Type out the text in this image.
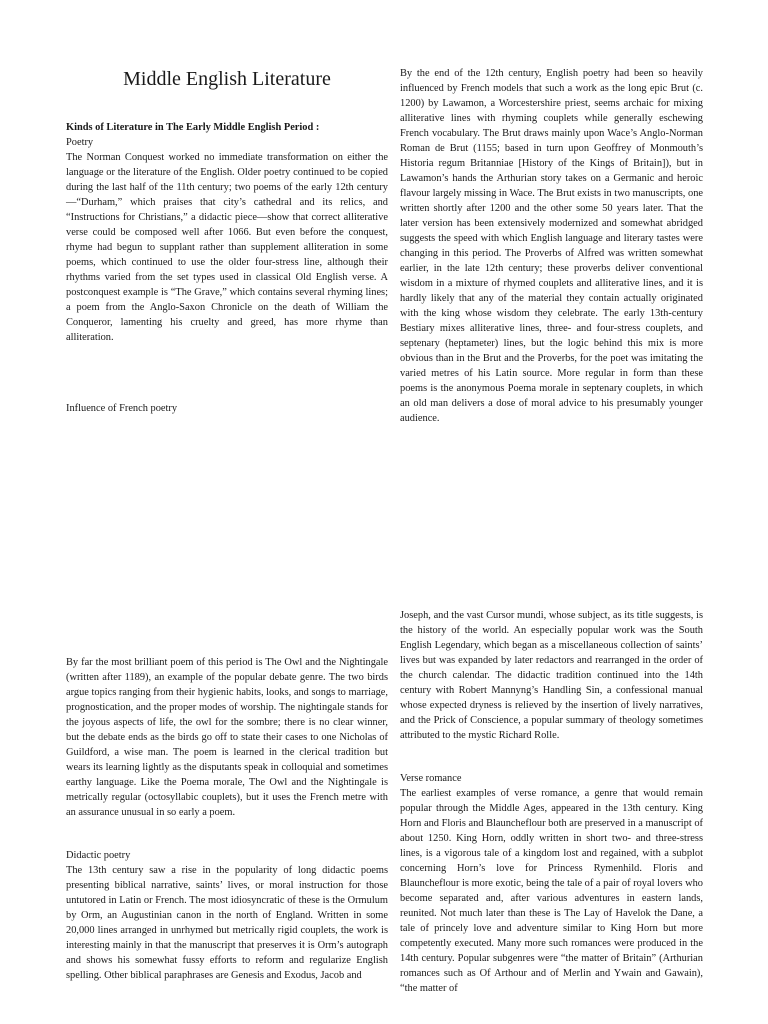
Middle English Literature

Kinds of Literature in The Early Middle English Period :

Poetry

The Norman Conquest worked no immediate transformation on either the language or the literature of the English. Older poetry continued to be copied during the last half of the 11th century; two poems of the early 12th century—“Durham,” which praises that city’s cathedral and its relics, and “Instructions for Christians,” a didactic piece—show that correct alliterative verse could be composed well after 1066. But even before the conquest, rhyme had begun to supplant rather than supplement alliteration in some poems, which continued to use the older four-stress line, although their rhythms varied from the set types used in classical Old English verse. A postconquest example is “The Grave,” which contains several rhyming lines; a poem from the Anglo-Saxon Chronicle on the death of William the Conqueror, lamenting his cruelty and greed, has more rhyme than alliteration.

Influence of French poetry

By the end of the 12th century, English poetry had been so heavily influenced by French models that such a work as the long epic Brut (c. 1200) by Lawamon, a Worcestershire priest, seems archaic for mixing alliterative lines with rhyming couplets while generally eschewing French vocabulary. The Brut draws mainly upon Wace’s Anglo-Norman Roman de Brut (1155; based in turn upon Geoffrey of Monmouth’s Historia regum Britanniae [History of the Kings of Britain]), but in Lawamon’s hands the Arthurian story takes on a Germanic and heroic flavour largely missing in Wace. The Brut exists in two manuscripts, one written shortly after 1200 and the other some 50 years later. That the later version has been extensively modernized and somewhat abridged suggests the speed with which English language and literary tastes were changing in this period. The Proverbs of Alfred was written somewhat earlier, in the late 12th century; these proverbs deliver conventional wisdom in a mixture of rhymed couplets and alliterative lines, and it is hardly likely that any of the material they contain actually originated with the king whose wisdom they celebrate. The early 13th-century Bestiary mixes alliterative lines, three- and four-stress couplets, and septenary (heptameter) lines, but the logic behind this mix is more obvious than in the Brut and the Proverbs, for the poet was imitating the varied metres of his Latin source. More regular in form than these poems is the anonymous Poema morale in septenary couplets, in which an old man delivers a dose of moral advice to his presumably younger audience.

By far the most brilliant poem of this period is The Owl and the Nightingale (written after 1189), an example of the popular debate genre. The two birds argue topics ranging from their hygienic habits, looks, and songs to marriage, prognostication, and the proper modes of worship. The nightingale stands for the joyous aspects of life, the owl for the sombre; there is no clear winner, but the debate ends as the birds go off to state their cases to one Nicholas of Guildford, a wise man. The poem is learned in the clerical tradition but wears its learning lightly as the disputants speak in colloquial and sometimes earthy language. Like the Poema morale, The Owl and the Nightingale is metrically regular (octosyllabic couplets), but it uses the French metre with an assurance unusual in so early a poem.

Didactic poetry

The 13th century saw a rise in the popularity of long didactic poems presenting biblical narrative, saints’ lives, or moral instruction for those untutored in Latin or French. The most idiosyncratic of these is the Ormulum by Orm, an Augustinian canon in the north of England. Written in some 20,000 lines arranged in unrhymed but metrically rigid couplets, the work is interesting mainly in that the manuscript that preserves it is Orm’s autograph and shows his somewhat fussy efforts to reform and regularize English spelling. Other biblical paraphrases are Genesis and Exodus, Jacob and

Joseph, and the vast Cursor mundi, whose subject, as its title suggests, is the history of the world. An especially popular work was the South English Legendary, which began as a miscellaneous collection of saints’ lives but was expanded by later redactors and rearranged in the order of the church calendar. The didactic tradition continued into the 14th century with Robert Mannyng’s Handling Sin, a confessional manual whose expected dryness is relieved by the insertion of lively narratives, and the Prick of Conscience, a popular summary of theology sometimes attributed to the mystic Richard Rolle.

Verse romance

The earliest examples of verse romance, a genre that would remain popular through the Middle Ages, appeared in the 13th century. King Horn and Floris and Blauncheflour both are preserved in a manuscript of about 1250. King Horn, oddly written in short two- and three-stress lines, is a vigorous tale of a kingdom lost and regained, with a subplot concerning Horn’s love for Princess Rymenhild. Floris and Blauncheflour is more exotic, being the tale of a pair of royal lovers who become separated and, after various adventures in eastern lands, reunited. Not much later than these is The Lay of Havelok the Dane, a tale of princely love and adventure similar to King Horn but more competently executed. Many more such romances were produced in the 14th century. Popular subgenres were “the matter of Britain” (Arthurian romances such as Of Arthour and of Merlin and Ywain and Gawain), “the matter of
